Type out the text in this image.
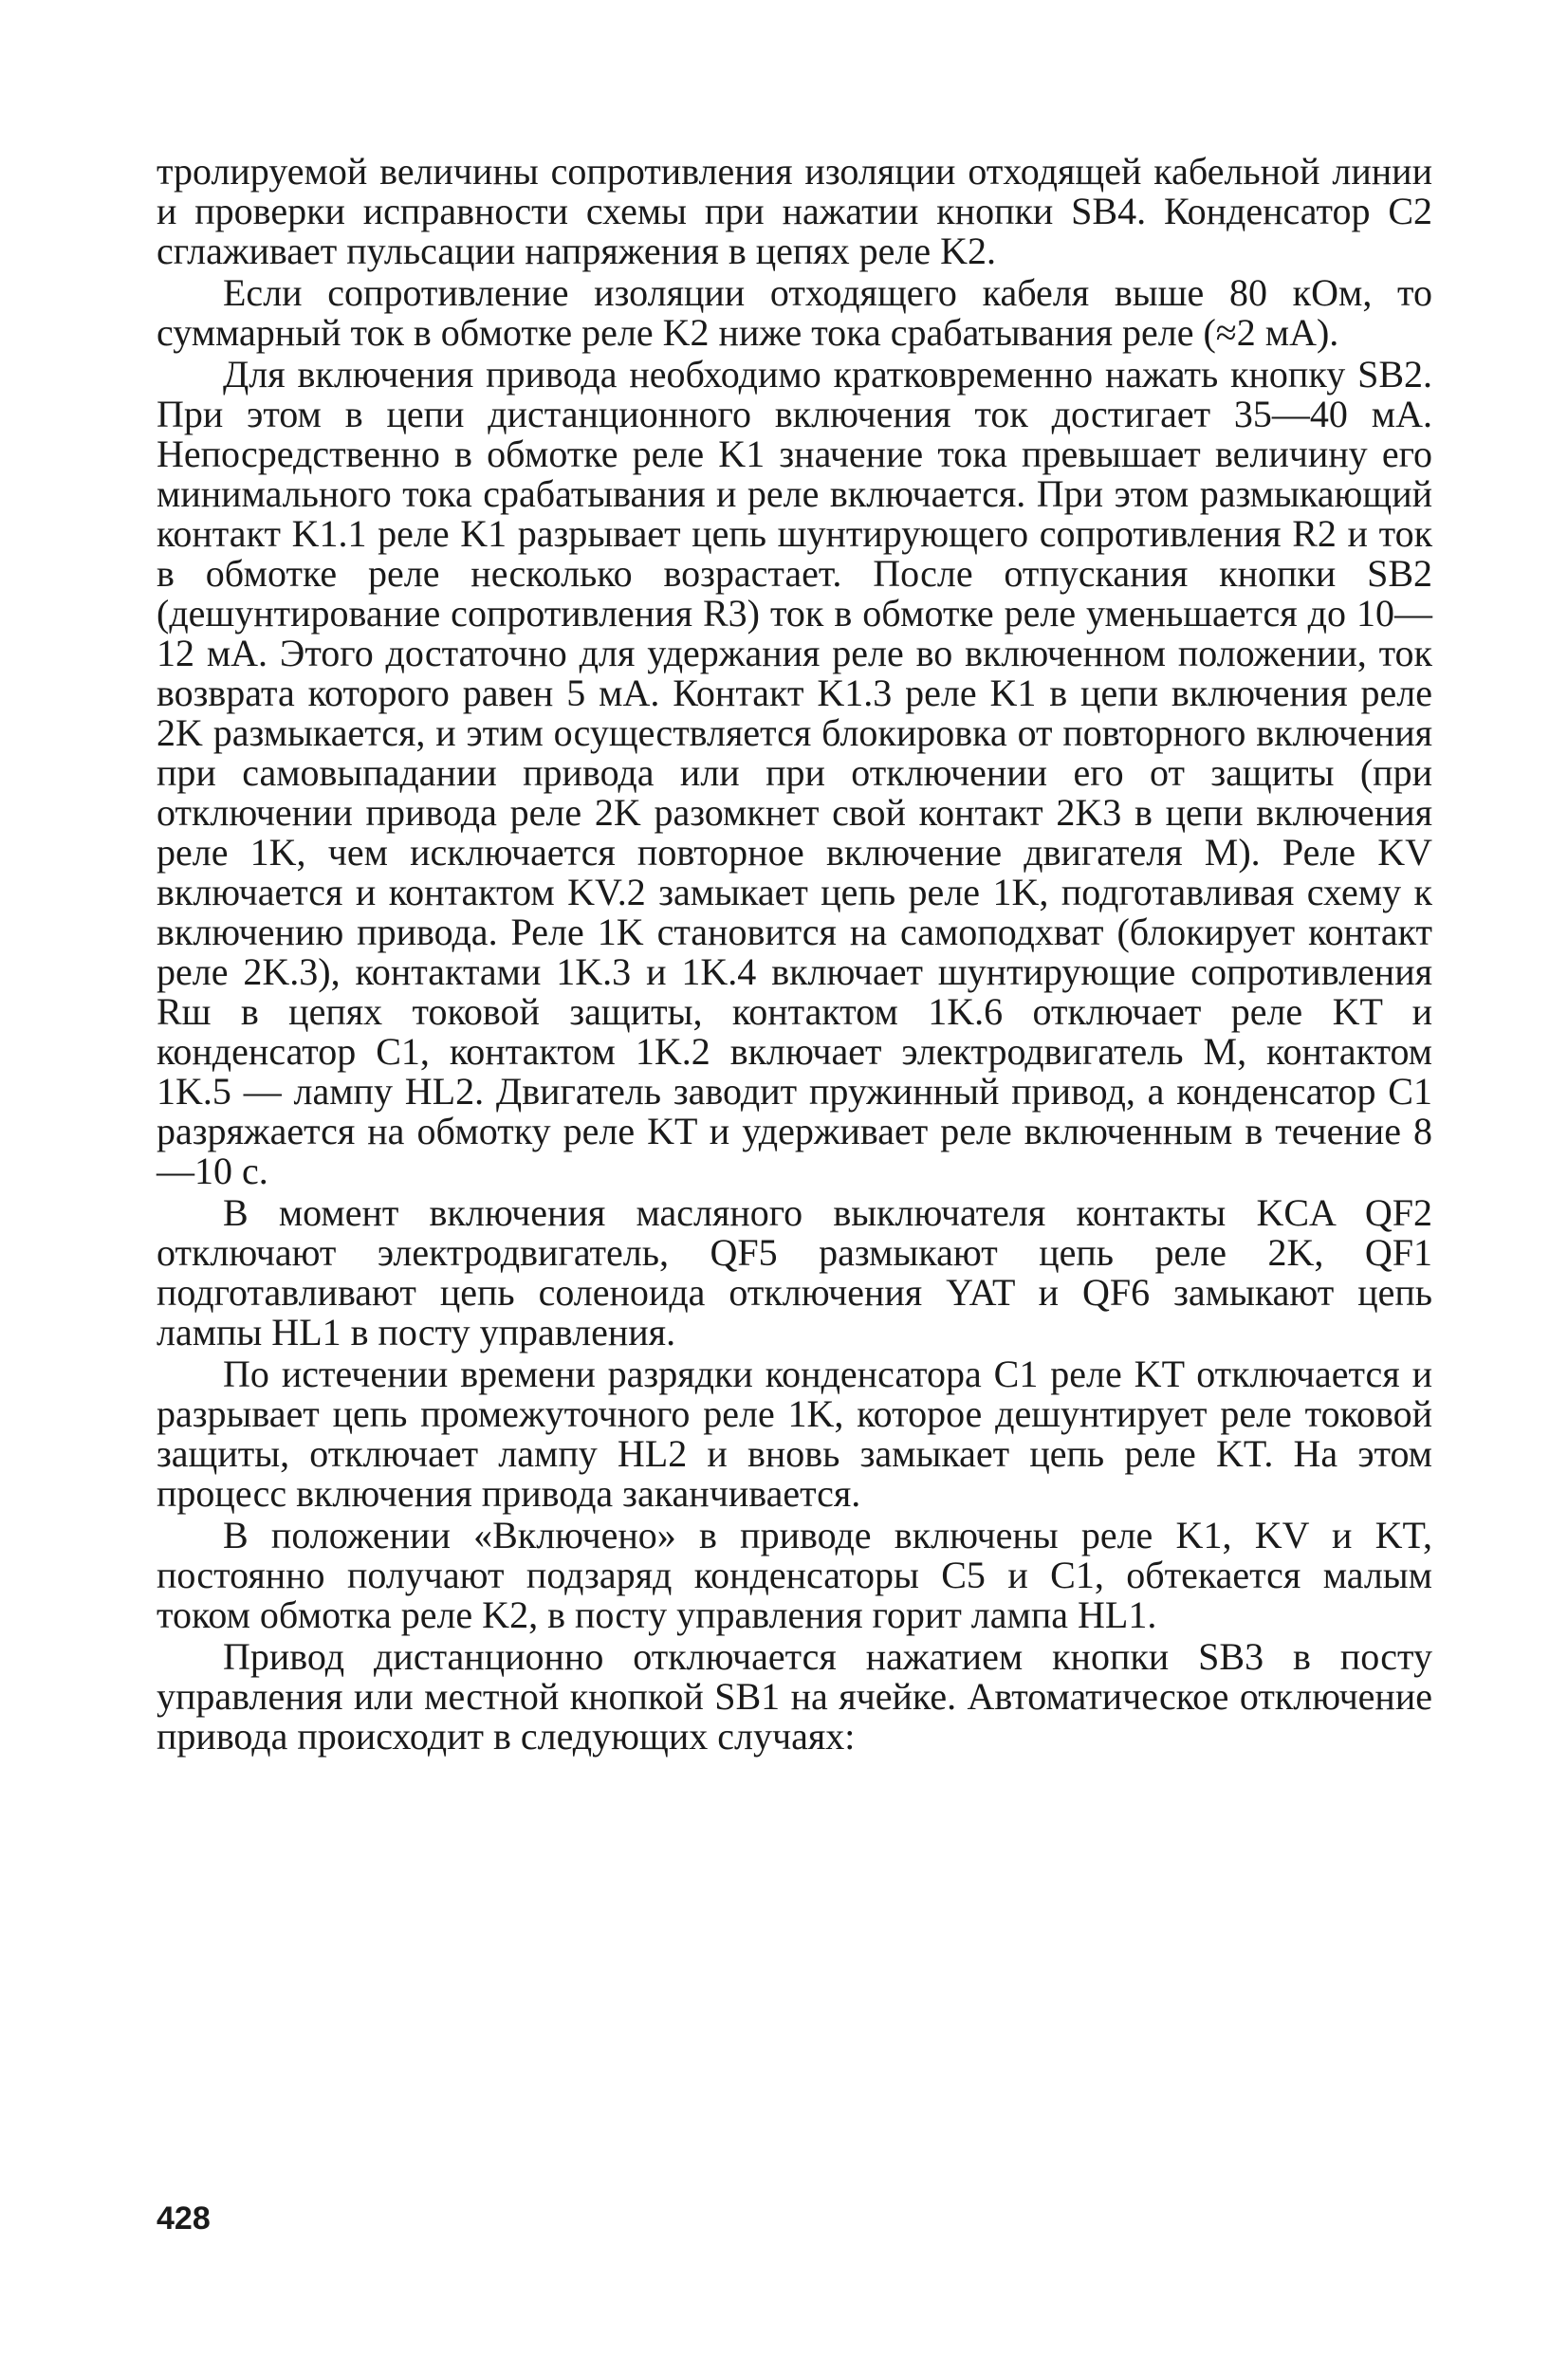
тролируемой величины сопротивления изоляции отходящей кабельной линии и проверки исправности схемы при нажатии кнопки SB4. Конденсатор C2 сглаживает пульсации напряжения в цепях реле K2.

Если сопротивление изоляции отходящего кабеля выше 80 кОм, то суммарный ток в обмотке реле K2 ниже тока срабатывания реле (≈2 мА).

Для включения привода необходимо кратковременно нажать кнопку SB2. При этом в цепи дистанционного включения ток достигает 35—40 мА. Непосредственно в обмотке реле K1 значение тока превышает величину его минимального тока срабатывания и реле включается. При этом размыкающий контакт K1.1 реле K1 разрывает цепь шунтирующего сопротивления R2 и ток в обмотке реле несколько возрастает. После отпускания кнопки SB2 (дешунтирование сопротивления R3) ток в обмотке реле уменьшается до 10—12 мА. Этого достаточно для удержания реле во включенном положении, ток возврата которого равен 5 мА. Контакт K1.3 реле K1 в цепи включения реле 2K размыкается, и этим осуществляется блокировка от повторного включения при самовыпадании привода или при отключении его от защиты (при отключении привода реле 2K разомкнет свой контакт 2K3 в цепи включения реле 1K, чем исключается повторное включение двигателя M). Реле KV включается и контактом KV.2 замыкает цепь реле 1K, подготавливая схему к включению привода. Реле 1K становится на самоподхват (блокирует контакт реле 2K.3), контактами 1K.3 и 1K.4 включает шунтирующие сопротивления Rш в цепях токовой защиты, контактом 1K.6 отключает реле KT и конденсатор C1, контактом 1K.2 включает электродвигатель M, контактом 1K.5 — лампу HL2. Двигатель заводит пружинный привод, а конденсатор C1 разряжается на обмотку реле KT и удерживает реле включенным в течение 8—10 с.

В момент включения масляного выключателя контакты KCA QF2 отключают электродвигатель, QF5 размыкают цепь реле 2K, QF1 подготавливают цепь соленоида отключения YAT и QF6 замыкают цепь лампы HL1 в посту управления.

По истечении времени разрядки конденсатора C1 реле KT отключается и разрывает цепь промежуточного реле 1K, которое дешунтирует реле токовой защиты, отключает лампу HL2 и вновь замыкает цепь реле KT. На этом процесс включения привода заканчивается.

В положении «Включено» в приводе включены реле K1, KV и KT, постоянно получают подзаряд конденсаторы C5 и C1, обтекается малым током обмотка реле K2, в посту управления горит лампа HL1.

Привод дистанционно отключается нажатием кнопки SB3 в посту управления или местной кнопкой SB1 на ячейке. Автоматическое отключение привода происходит в следующих случаях:

428
